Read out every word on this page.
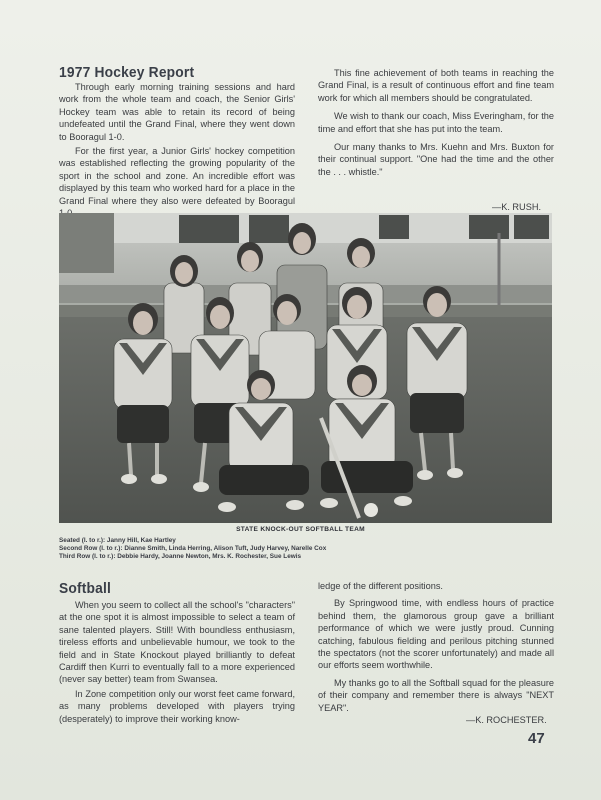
1977 Hockey Report

Through early morning training sessions and hard work from the whole team and coach, the Senior Girls' Hockey team was able to retain its record of being undefeated until the Grand Final, where they went down to Booragul 1-0.

For the first year, a Junior Girls' hockey competition was established reflecting the growing popularity of the sport in the school and zone. An incredible effort was displayed by this team who worked hard for a place in the Grand Final where they also were defeated by Booragul

This fine achievement of both teams in reaching the Grand Final, is a result of continuous effort and fine team work for which all members should be congratulated.

We wish to thank our coach, Miss Everingham, for the time and effort that she has put into the team.

Our many thanks to Mrs. Kuehn and Mrs. Buxton for their continual support. "One had the time and the other the . . . whistle."

—K. RUSH.
STATE KNOCK-OUT SOFTBALL TEAM
Seated (l. to r.): Janny Hill, Kae Hartley
Second Row (l. to r.): Dianne Smith, Linda Herring, Alison Tuft, Judy Harvey, Narelle Cox
Third Row (l. to r.): Debbie Hardy, Joanne Newton, Mrs. K. Rochester, Sue Lewis
Softball

When you seem to collect all the school's "characters" at the one spot it is almost impossible to select a team of sane talented players. Still! With boundless enthusiasm, tireless efforts and unbelievable humour, we took to the field and in State Knockout played brilliantly to defeat Cardiff then Kurri to eventually fall to a more experienced (never say better) team from Swansea.

In Zone competition only our worst feet came forward, as many problems developed with players trying (desperately) to improve their working know-

ledge of the different positions.

By Springwood time, with endless hours of practice behind them, the glamorous group gave a brilliant performance of which we were justly proud. Cunning catching, fabulous fielding and perilous pitching stunned the spectators (not the scorer unfortunately) and made all our efforts seem worthwhile.

My thanks go to all the Softball squad for the pleasure of their company and remember there is always "NEXT YEAR".

—K. ROCHESTER.
47
